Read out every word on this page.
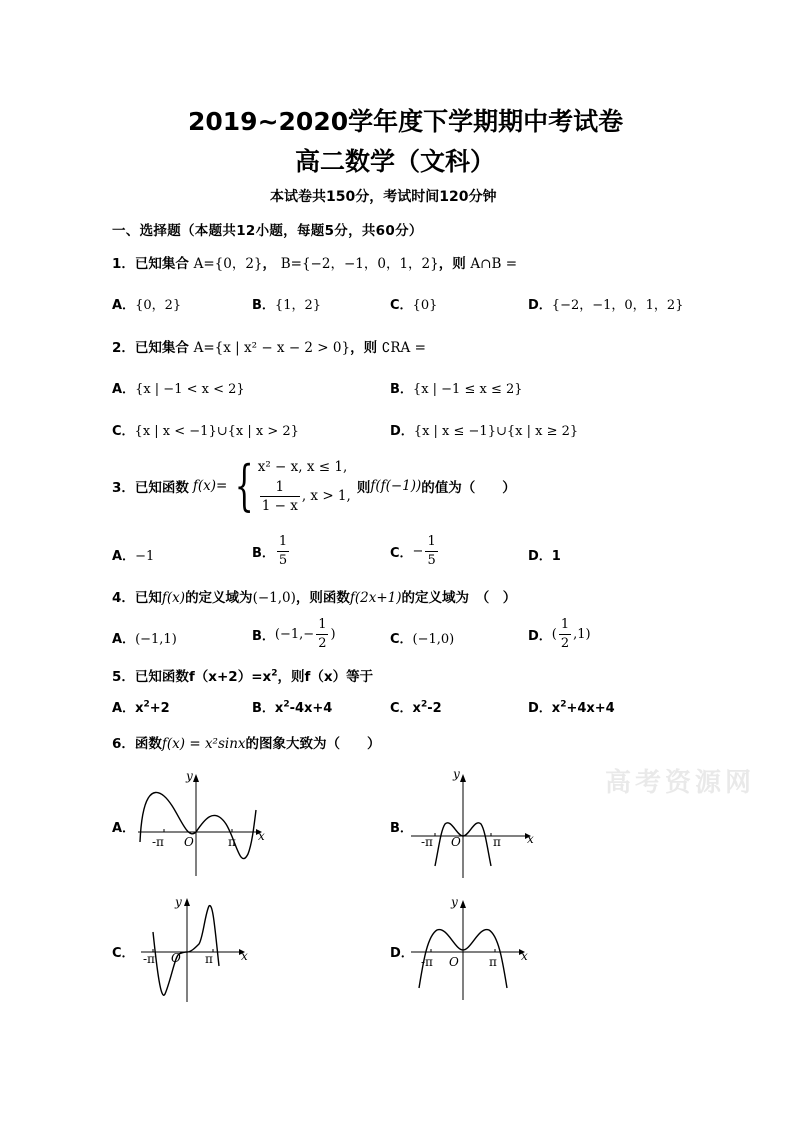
2019~2020学年度下学期期中考试卷
高二数学（文科）
本试卷共150分，考试时间120分钟
一、选择题（本题共12小题，每题5分，共60分）
1．已知集合 A={0，2}， B={−2，−1，0，1，2}，则 A∩B =
A．{0，2}	B．{1，2}	C．{0}	D．{−2，−1，0，1，2}
2．已知集合 A={x | x² − x − 2 > 0}，则 ∁RA =
A．{x | −1 < x < 2}	B．{x | −1 ≤ x ≤ 2}
C．{x | x < −1}∪{x | x > 2}	D．{x | x ≤ −1}∪{x | x ≥ 2}
3． 已知函数 f(x)= { x² − x, x ≤ 1,
$\frac{1}{1 - x}$ , x > 1,
则 f(f(−1)) 的值为（　　）
A．−1	B． $\frac{1}{5}$	C． − $\frac{1}{5}$	D．1
4．已知f(x)的定义域为(−1,0)，则函数f(2x+1)的定义域为　（　）
A．(−1,1)	B． ($-1,- \frac{1}{2}$ )	C．(−1,0)	D． ( $\frac{1}{2} ,1$)
5．已知函数$f(x+2)=x^2$，则f（x）等于
A．$x^2+2$	B．$x^2-4x+4$	C．$x^2-2$	D．$x^2+4x+4$
6．函数f(x) = x²sinx的图象大致为（　　）
高考资源网
A．
y
x
O
-π	π
B．
y
x
O
-π	π
C．
y
x
O
-π	π	D．
y
x
O
-π	π
